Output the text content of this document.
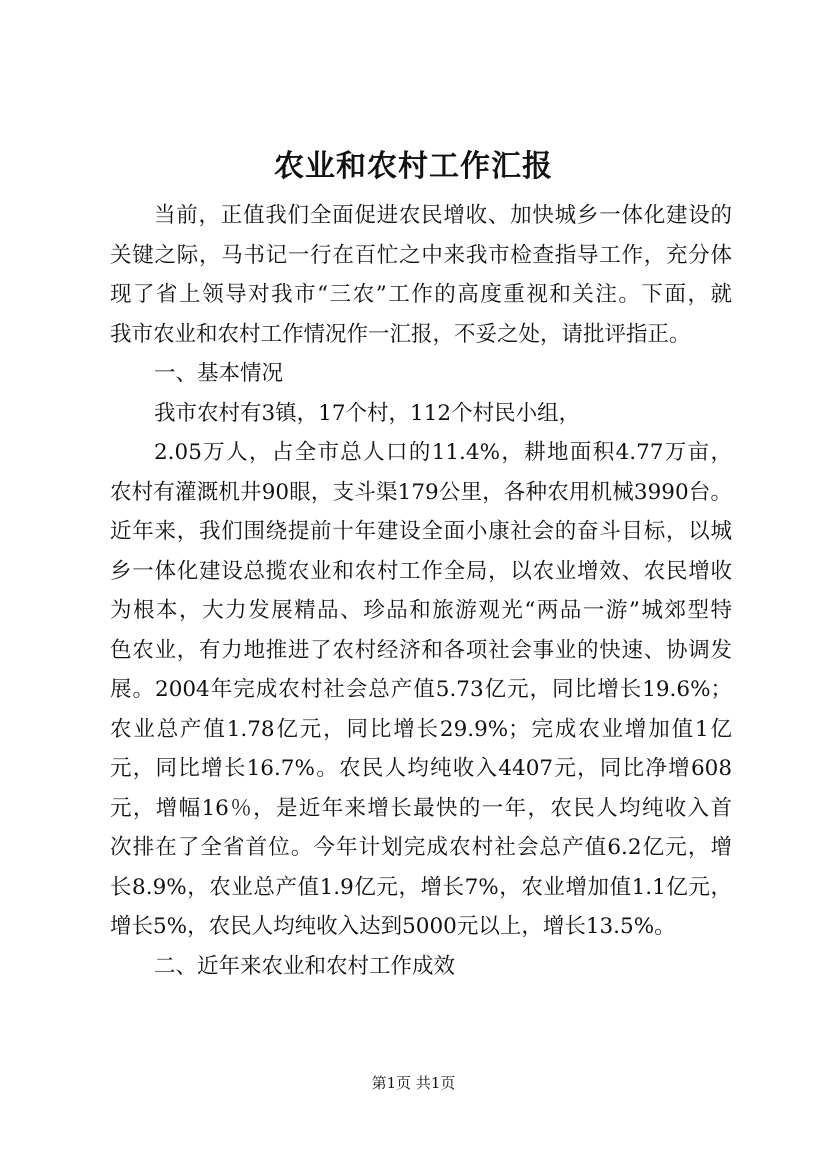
农业和农村工作汇报
当前，正值我们全面促进农民增收、加快城乡一体化建设的
关键之际，马书记一行在百忙之中来我市检查指导工作，充分体
现了省上领导对我市“三农”工作的高度重视和关注。下面，就
我市农业和农村工作情况作一汇报，不妥之处，请批评指正。
一、基本情况
我市农村有3镇，17个村，112个村民小组，
2.05万人，占全市总人口的11.4%，耕地面积4.77万亩，
农村有灌溉机井90眼，支斗渠179公里，各种农用机械3990台。
近年来，我们围绕提前十年建设全面小康社会的奋斗目标，以城
乡一体化建设总揽农业和农村工作全局，以农业增效、农民增收
为根本，大力发展精品、珍品和旅游观光“两品一游”城郊型特
色农业，有力地推进了农村经济和各项社会事业的快速、协调发
展。2004年完成农村社会总产值5.73亿元，同比增长19.6%；
农业总产值1.78亿元，同比增长29.9%；完成农业增加值1亿
元，同比增长16.7%。农民人均纯收入4407元，同比净增608
元，增幅16％，是近年来增长最快的一年，农民人均纯收入首
次排在了全省首位。今年计划完成农村社会总产值6.2亿元，增
长8.9%，农业总产值1.9亿元，增长7%，农业增加值1.1亿元，
增长5%，农民人均纯收入达到5000元以上，增长13.5%。
二、近年来农业和农村工作成效
第1页 共1页
